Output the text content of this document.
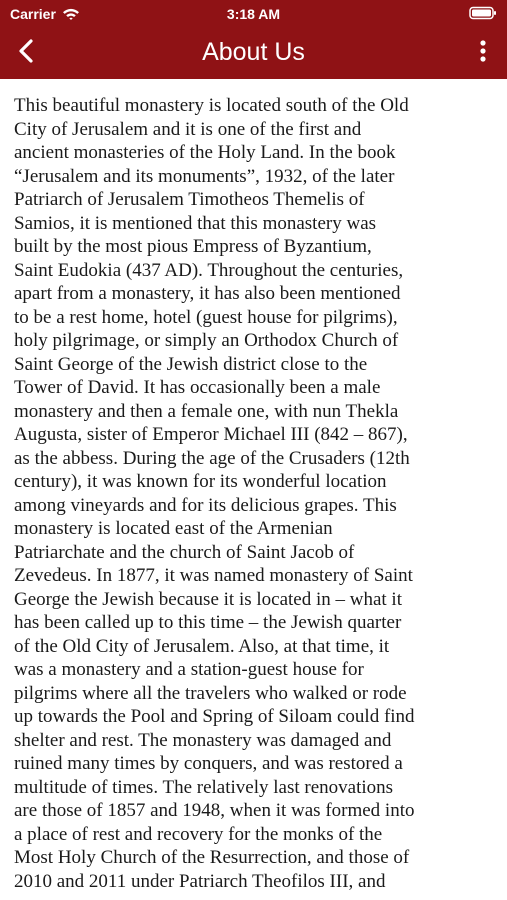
Carrier	3:18 AM
About Us
This beautiful monastery is located south of the Old
City of Jerusalem and it is one of the first and
ancient monasteries of the Holy Land. In the book
“Jerusalem and its monuments”, 1932, of the later
Patriarch of Jerusalem Timotheos Themelis of
Samios, it is mentioned that this monastery was
built by the most pious Empress of Byzantium,
Saint Eudokia (437 AD). Throughout the centuries,
apart from a monastery, it has also been mentioned
to be a rest home, hotel (guest house for pilgrims),
holy pilgrimage, or simply an Orthodox Church of
Saint George of the Jewish district close to the
Tower of David. It has occasionally been a male
monastery and then a female one, with nun Thekla
Augusta, sister of Emperor Michael III (842 – 867),
as the abbess. During the age of the Crusaders (12th
century), it was known for its wonderful location
among vineyards and for its delicious grapes. This
monastery is located east of the Armenian
Patriarchate and the church of Saint Jacob of
Zevedeus. In 1877, it was named monastery of Saint
George the Jewish because it is located in – what it
has been called up to this time – the Jewish quarter
of the Old City of Jerusalem. Also, at that time, it
was a monastery and a station-guest house for
pilgrims where all the travelers who walked or rode
up towards the Pool and Spring of Siloam could find
shelter and rest. The monastery was damaged and
ruined many times by conquers, and was restored a
multitude of times. The relatively last renovations
are those of 1857 and 1948, when it was formed into
a place of rest and recovery for the monks of the
Most Holy Church of the Resurrection, and those of
2010 and 2011 under Patriarch Theofilos III, and
